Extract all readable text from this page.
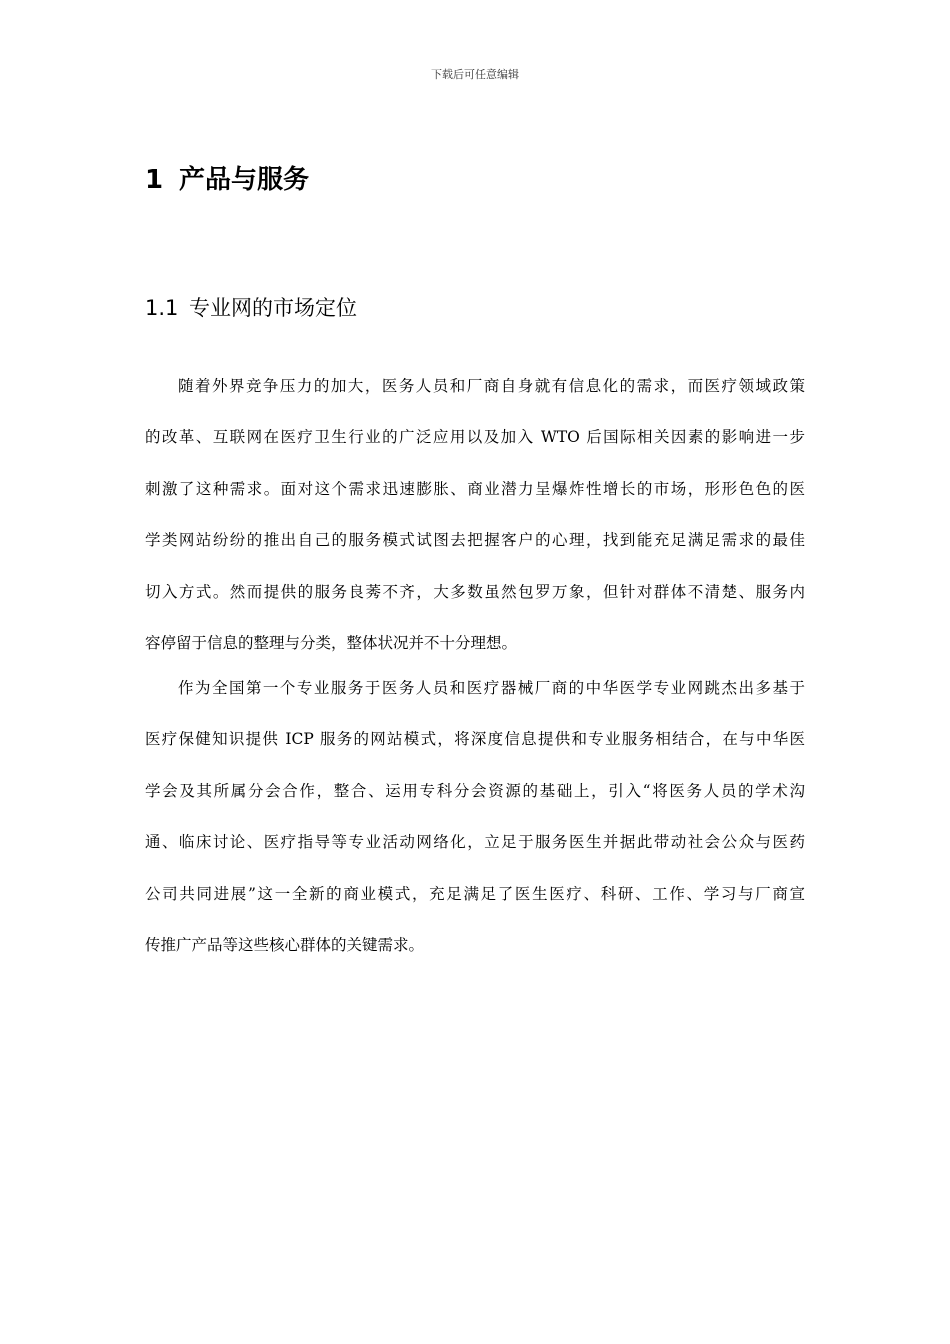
下载后可任意编辑
1 产品与服务
1.1 专业网的市场定位
随着外界竞争压力的加大，医务人员和厂商自身就有信息化的需求，而医疗领域政策
的改革、互联网在医疗卫生行业的广泛应用以及加入 WTO 后国际相关因素的影响进一步
刺激了这种需求。面对这个需求迅速膨胀、商业潜力呈爆炸性增长的市场，形形色色的医
学类网站纷纷的推出自己的服务模式试图去把握客户的心理，找到能充足满足需求的最佳
切入方式。然而提供的服务良莠不齐，大多数虽然包罗万象，但针对群体不清楚、服务内
容停留于信息的整理与分类，整体状况并不十分理想。
作为全国第一个专业服务于医务人员和医疗器械厂商的中华医学专业网跳杰出多基于
医疗保健知识提供 ICP 服务的网站模式，将深度信息提供和专业服务相结合，在与中华医
学会及其所属分会合作，整合、运用专科分会资源的基础上，引入“将医务人员的学术沟
通、临床讨论、医疗指导等专业活动网络化，立足于服务医生并据此带动社会公众与医药
公司共同进展”这一全新的商业模式，充足满足了医生医疗、科研、工作、学习与厂商宣
传推广产品等这些核心群体的关键需求。
